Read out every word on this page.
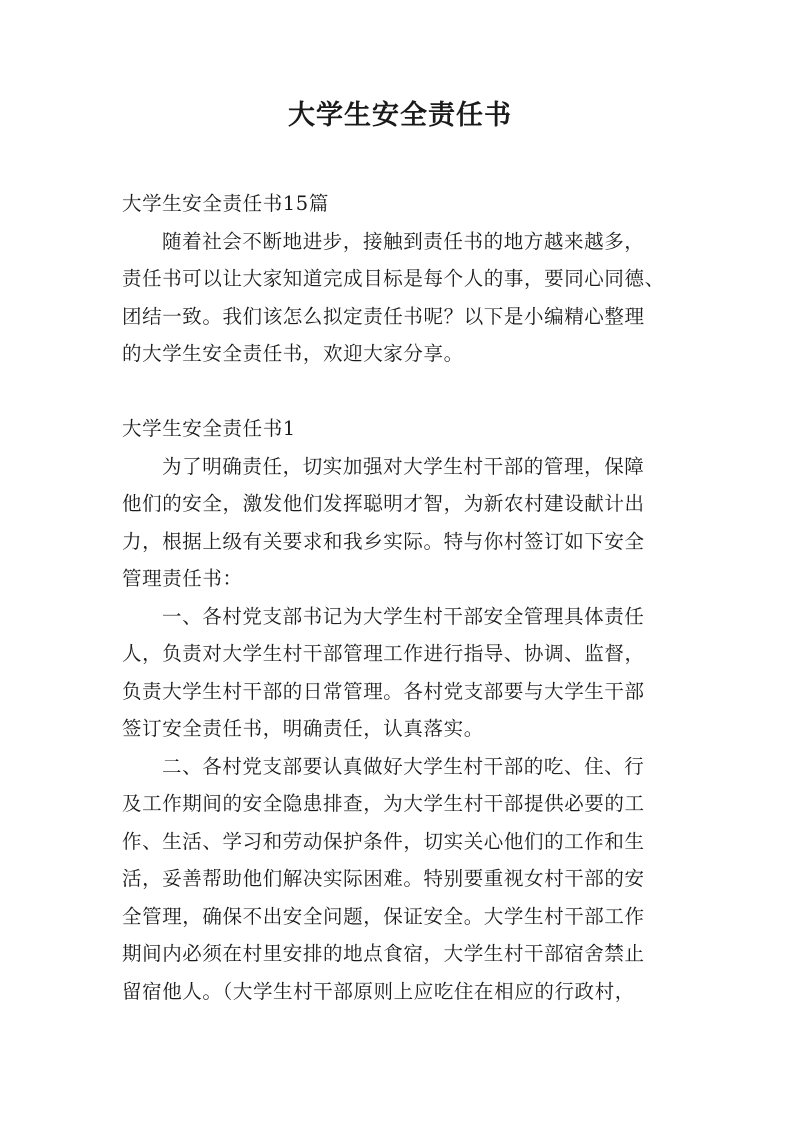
大学生安全责任书

大学生安全责任书15篇

随着社会不断地进步，接触到责任书的地方越来越多，

责任书可以让大家知道完成目标是每个人的事，要同心同德、

团结一致。我们该怎么拟定责任书呢？以下是小编精心整理

的大学生安全责任书，欢迎大家分享。

大学生安全责任书1

为了明确责任，切实加强对大学生村干部的管理，保障

他们的安全，激发他们发挥聪明才智，为新农村建设献计出

力，根据上级有关要求和我乡实际。特与你村签订如下安全

管理责任书：

一、各村党支部书记为大学生村干部安全管理具体责任

人，负责对大学生村干部管理工作进行指导、协调、监督，

负责大学生村干部的日常管理。各村党支部要与大学生干部

签订安全责任书，明确责任，认真落实。

二、各村党支部要认真做好大学生村干部的吃、住、行

及工作期间的安全隐患排查，为大学生村干部提供必要的工

作、生活、学习和劳动保护条件，切实关心他们的工作和生

活，妥善帮助他们解决实际困难。特别要重视女村干部的安

全管理，确保不出安全问题，保证安全。大学生村干部工作

期间内必须在村里安排的地点食宿，大学生村干部宿舍禁止

留宿他人。（大学生村干部原则上应吃住在相应的行政村，
